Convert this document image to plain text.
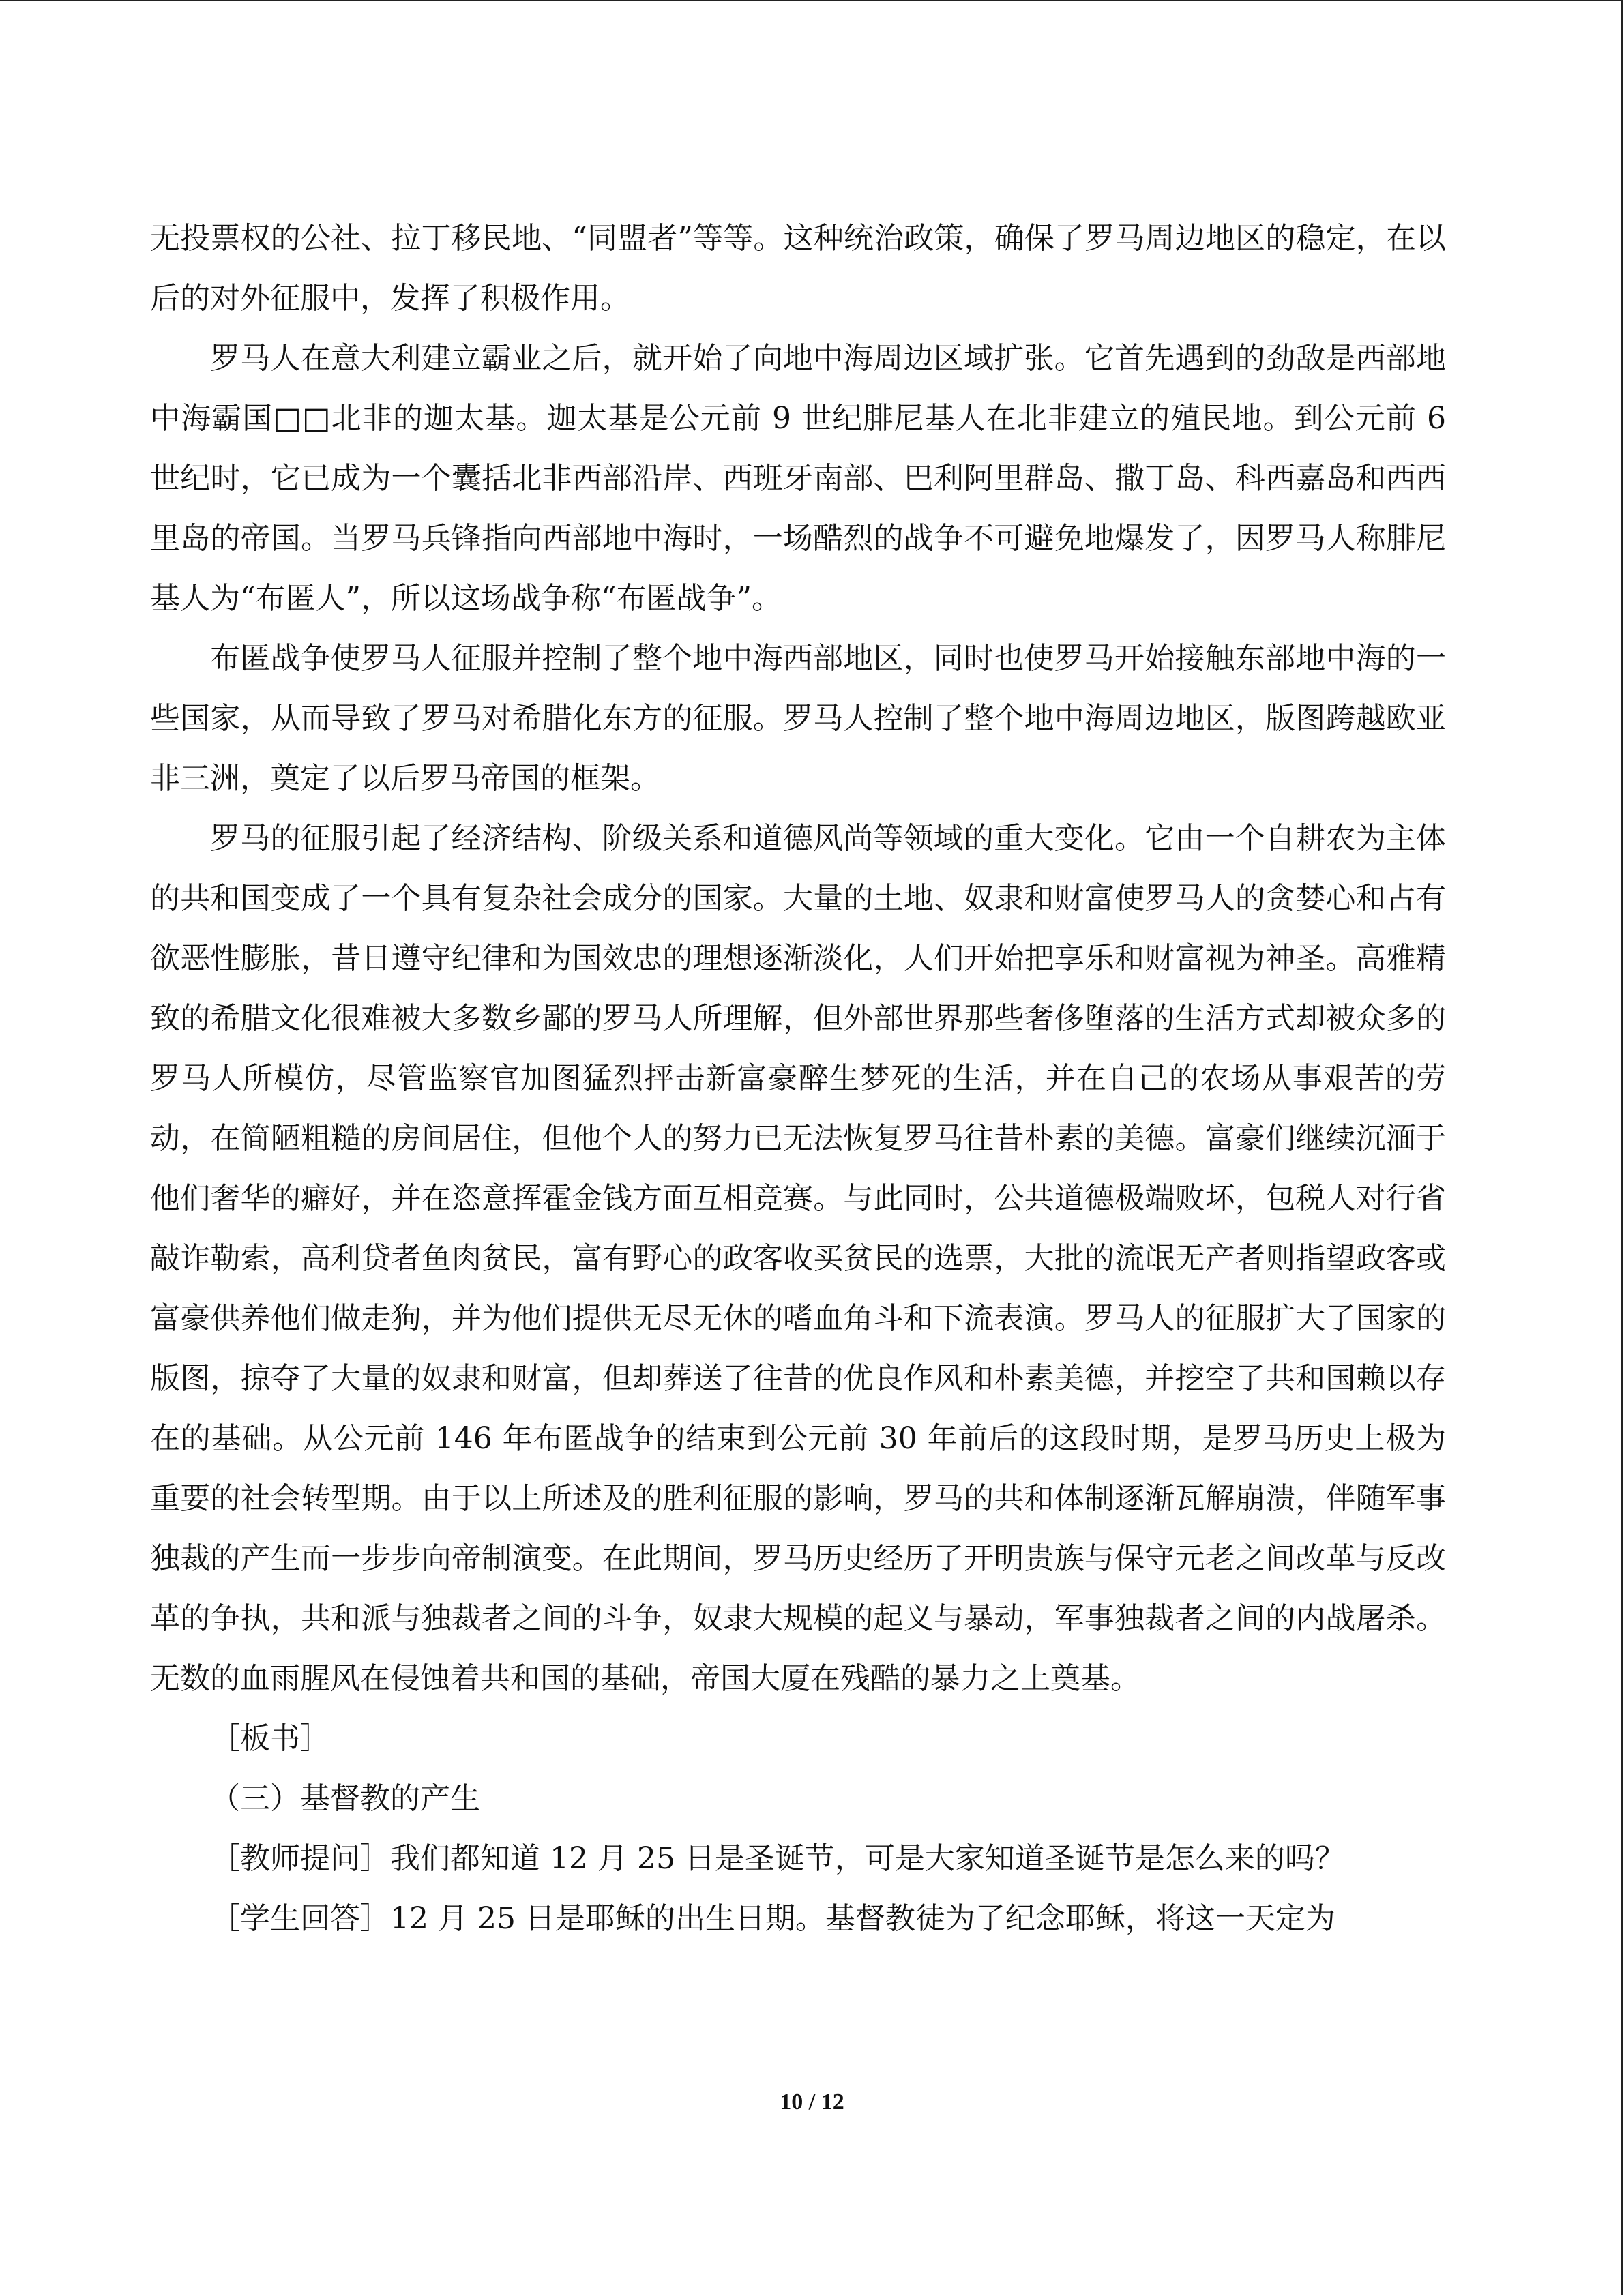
无投票权的公社、拉丁移民地、“同盟者”等等。这种统治政策，确保了罗马周边地区的稳定，在以后的对外征服中，发挥了积极作用。

罗马人在意大利建立霸业之后，就开始了向地中海周边区域扩张。它首先遇到的劲敌是西部地中海霸国□□北非的迦太基。迦太基是公元前 9 世纪腓尼基人在北非建立的殖民地。到公元前 6 世纪时，它已成为一个囊括北非西部沿岸、西班牙南部、巴利阿里群岛、撒丁岛、科西嘉岛和西西里岛的帝国。当罗马兵锋指向西部地中海时，一场酷烈的战争不可避免地爆发了，因罗马人称腓尼基人为“布匿人”，所以这场战争称“布匿战争”。

布匿战争使罗马人征服并控制了整个地中海西部地区，同时也使罗马开始接触东部地中海的一些国家，从而导致了罗马对希腊化东方的征服。罗马人控制了整个地中海周边地区，版图跨越欧亚非三洲，奠定了以后罗马帝国的框架。

罗马的征服引起了经济结构、阶级关系和道德风尚等领域的重大变化。它由一个自耕农为主体的共和国变成了一个具有复杂社会成分的国家。大量的土地、奴隶和财富使罗马人的贪婪心和占有欲恶性膨胀，昔日遵守纪律和为国效忠的理想逐渐淡化，人们开始把享乐和财富视为神圣。高雅精致的希腊文化很难被大多数乡鄙的罗马人所理解，但外部世界那些奢侈堕落的生活方式却被众多的罗马人所模仿，尽管监察官加图猛烈抨击新富豪醉生梦死的生活，并在自己的农场从事艰苦的劳动，在简陋粗糙的房间居住，但他个人的努力已无法恢复罗马往昔朴素的美德。富豪们继续沉湎于他们奢华的癖好，并在恣意挥霍金钱方面互相竞赛。与此同时，公共道德极端败坏，包税人对行省敲诈勒索，高利贷者鱼肉贫民，富有野心的政客收买贫民的选票，大批的流氓无产者则指望政客或富豪供养他们做走狗，并为他们提供无尽无休的嗜血角斗和下流表演。罗马人的征服扩大了国家的版图，掠夺了大量的奴隶和财富，但却葬送了往昔的优良作风和朴素美德，并挖空了共和国赖以存在的基础。从公元前 146 年布匿战争的结束到公元前 30 年前后的这段时期，是罗马历史上极为重要的社会转型期。由于以上所述及的胜利征服的影响，罗马的共和体制逐渐瓦解崩溃，伴随军事独裁的产生而一步步向帝制演变。在此期间，罗马历史经历了开明贵族与保守元老之间改革与反改革的争执，共和派与独裁者之间的斗争，奴隶大规模的起义与暴动，军事独裁者之间的内战屠杀。无数的血雨腥风在侵蚀着共和国的基础，帝国大厦在残酷的暴力之上奠基。

［板书］

（三）基督教的产生

［教师提问］我们都知道 12 月 25 日是圣诞节，可是大家知道圣诞节是怎么来的吗？

［学生回答］12 月 25 日是耶稣的出生日期。基督教徒为了纪念耶稣，将这一天定为

10 / 12
